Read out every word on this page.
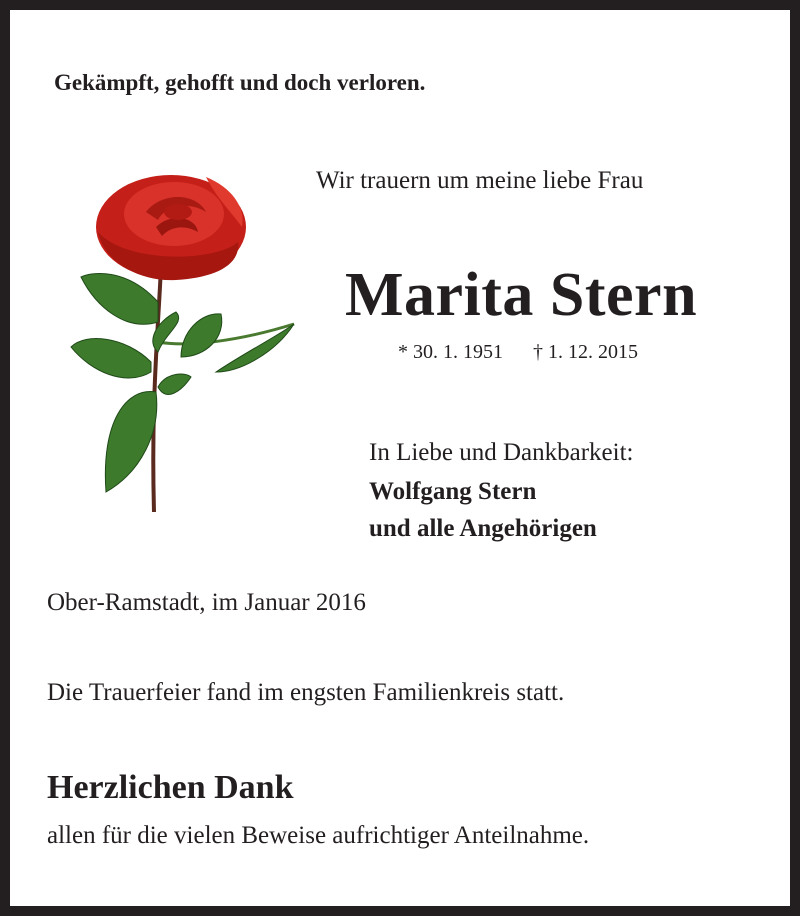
Gekämpft, gehofft und doch verloren.
Wir trauern um meine liebe Frau
Marita Stern
* 30. 1. 1951 † 1. 12. 2015
In Liebe und Dankbarkeit:
Wolfgang Stern
und alle Angehörigen
Ober-Ramstadt, im Januar 2016
Die Trauerfeier fand im engsten Familienkreis statt.
Herzlichen Dank
allen für die vielen Beweise aufrichtiger Anteilnahme.
